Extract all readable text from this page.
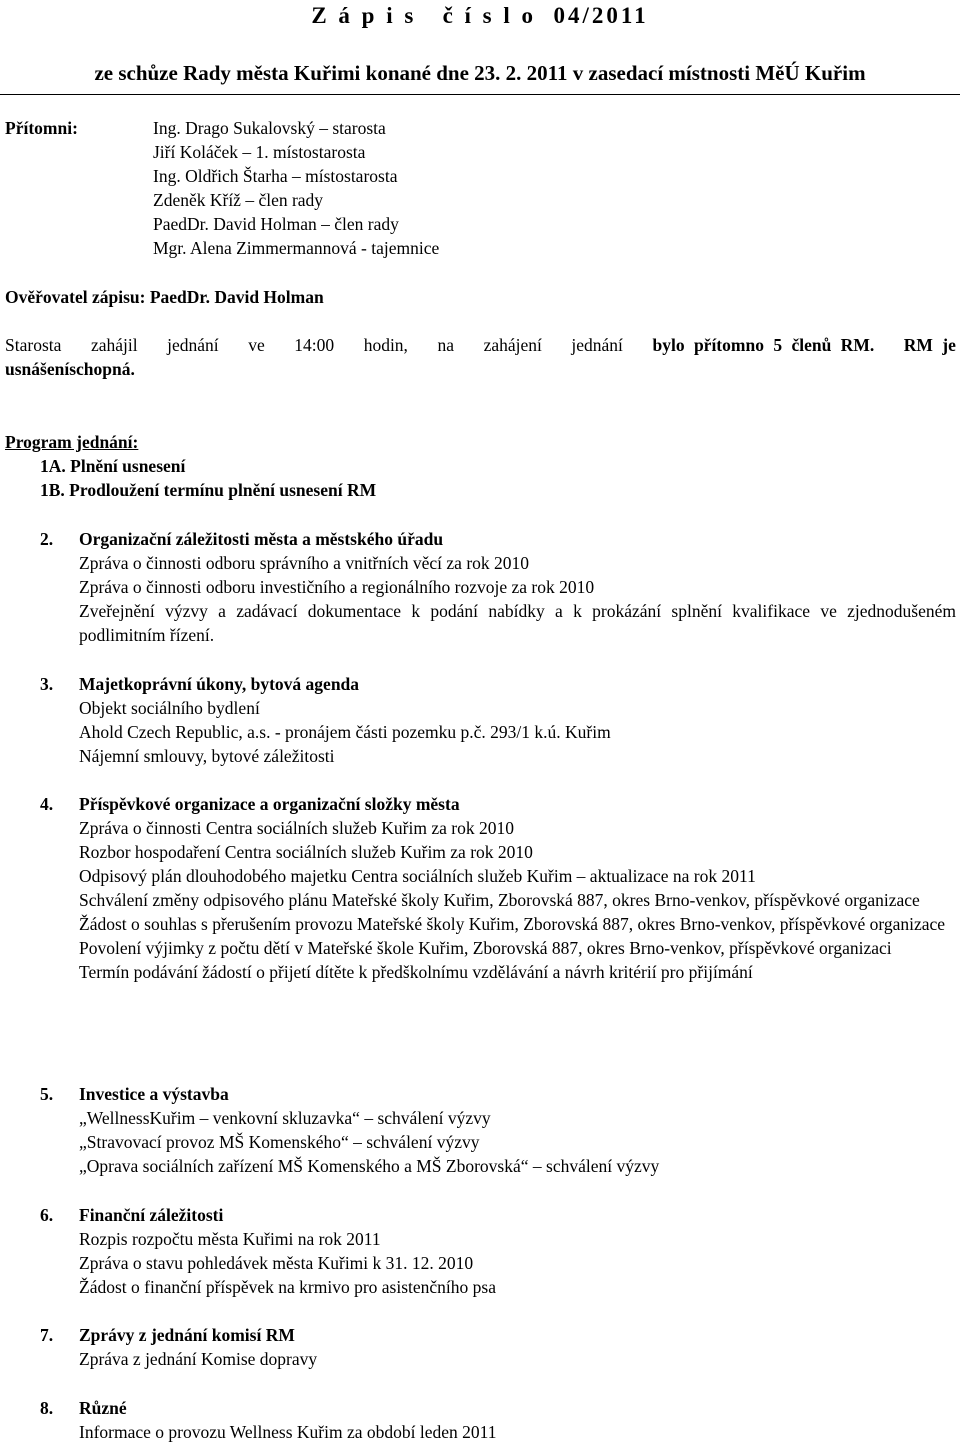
Z á p i s   č í s l o  04/2011
ze schůze Rady města Kuřimi konané dne 23. 2. 2011 v zasedací místnosti MěÚ Kuřim
Přítomni:	Ing. Drago Sukalovský – starosta
Jiří Koláček – 1. místostarosta
Ing. Oldřich Štarha – místostarosta
Zdeněk Kříž – člen rady
PaedDr. David Holman – člen rady
Mgr. Alena Zimmermannová - tajemnice
Ověřovatel zápisu: PaedDr. David Holman
Starosta zahájil jednání ve 14:00 hodin, na zahájení jednání bylo přítomno 5 členů RM. RM je
usnášeníschopná.
Program jednání:
1A. Plnění usnesení
1B. Prodloužení termínu plnění usnesení RM
2.	Organizační záležitosti města a městského úřadu
Zpráva o činnosti odboru správního a vnitřních věcí za rok 2010
Zpráva o činnosti odboru investičního a regionálního rozvoje za rok 2010
Zveřejnění výzvy a zadávací dokumentace k podání nabídky a k prokázání splnění kvalifikace ve zjednodušeném podlimitním řízení.
3.	Majetkoprávní úkony, bytová agenda
Objekt sociálního bydlení
Ahold Czech Republic, a.s. - pronájem části pozemku p.č. 293/1 k.ú. Kuřim
Nájemní smlouvy, bytové záležitosti
4.	Příspěvkové organizace a organizační složky města
Zpráva o činnosti Centra sociálních služeb Kuřim za rok 2010
Rozbor hospodaření Centra sociálních služeb Kuřim za rok 2010
Odpisový plán dlouhodobého majetku Centra sociálních služeb Kuřim – aktualizace na rok 2011
Schválení změny odpisového plánu Mateřské školy Kuřim, Zborovská 887, okres Brno-venkov, příspěvkové organizace
Žádost o souhlas s přerušením provozu Mateřské školy Kuřim, Zborovská 887, okres Brno-venkov, příspěvkové organizace
Povolení výjimky z počtu dětí v Mateřské škole Kuřim, Zborovská 887, okres Brno-venkov, příspěvkové organizaci
Termín podávání žádostí o přijetí dítěte k předškolnímu vzdělávání a návrh kritérií pro přijímání
5.	Investice a výstavba
„WellnessKuřim – venkovní skluzavka“ – schválení výzvy
„Stravovací provoz MŠ Komenského“ – schválení výzvy
„Oprava sociálních zařízení MŠ Komenského a MŠ Zborovská“ – schválení výzvy
6.	Finanční záležitosti
Rozpis rozpočtu města Kuřimi na rok 2011
Zpráva o stavu pohledávek města Kuřimi k 31. 12. 2010
Žádost o finanční příspěvek na krmivo pro asistenčního psa
7.	Zprávy z jednání komisí RM
Zpráva z jednání Komise dopravy
8.	Různé
Informace o provozu Wellness Kuřim za období leden 2011
